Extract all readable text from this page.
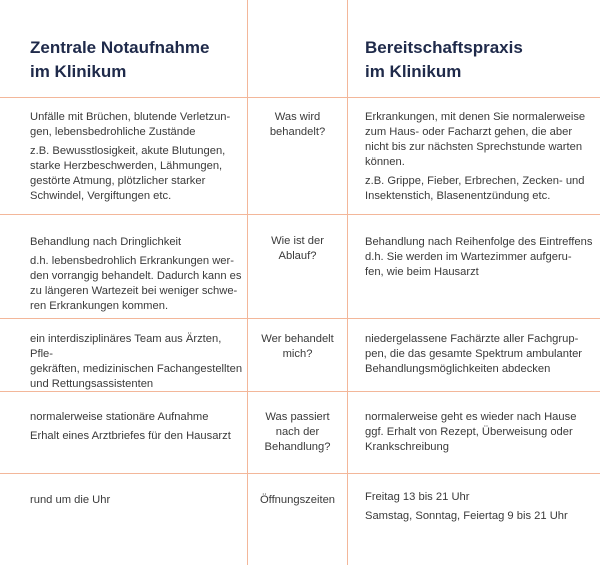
Zentrale Notaufnahme
im Klinikum
Bereitschaftspraxis
im Klinikum

Unfälle mit Brüchen, blutende Verletzun-
gen, lebensbedrohliche Zustände

z.B. Bewusstlosigkeit, akute Blutungen,
starke Herzbeschwerden, Lähmungen,
gestörte Atmung, plötzlicher starker
Schwindel, Vergiftungen etc.

Was wird
behandelt?

Erkrankungen, mit denen Sie normalerweise
zum Haus- oder Facharzt gehen, die aber
nicht bis zur nächsten Sprechstunde warten
können.

z.B. Grippe, Fieber, Erbrechen, Zecken- und
Insektenstich, Blasenentzündung etc.

Behandlung nach Dringlichkeit

d.h. lebensbedrohlich Erkrankungen wer-
den vorrangig behandelt. Dadurch kann es
zu längeren Wartezeit bei weniger schwe-
ren Erkrankungen kommen.

Wie ist der
Ablauf?

Behandlung nach Reihenfolge des Eintreffens
d.h. Sie werden im Wartezimmer aufgeru-
fen, wie beim Hausarzt

ein interdisziplinäres Team aus Ärzten, Pfle-
gekräften, medizinischen Fachangestellten
und Rettungsassistenten

Wer behandelt
mich?

niedergelassene Fachärzte aller Fachgrup-
pen, die das gesamte Spektrum ambulanter
Behandlungsmöglichkeiten abdecken

normalerweise stationäre Aufnahme

Erhalt eines Arztbriefes für den Hausarzt

Was passiert
nach der
Behandlung?

normalerweise geht es wieder nach Hause
ggf. Erhalt von Rezept, Überweisung oder
Krankschreibung

rund um die Uhr	Öffnungszeiten	Freitag 13 bis 21 Uhr

Samstag, Sonntag, Feiertag 9 bis 21 Uhr
